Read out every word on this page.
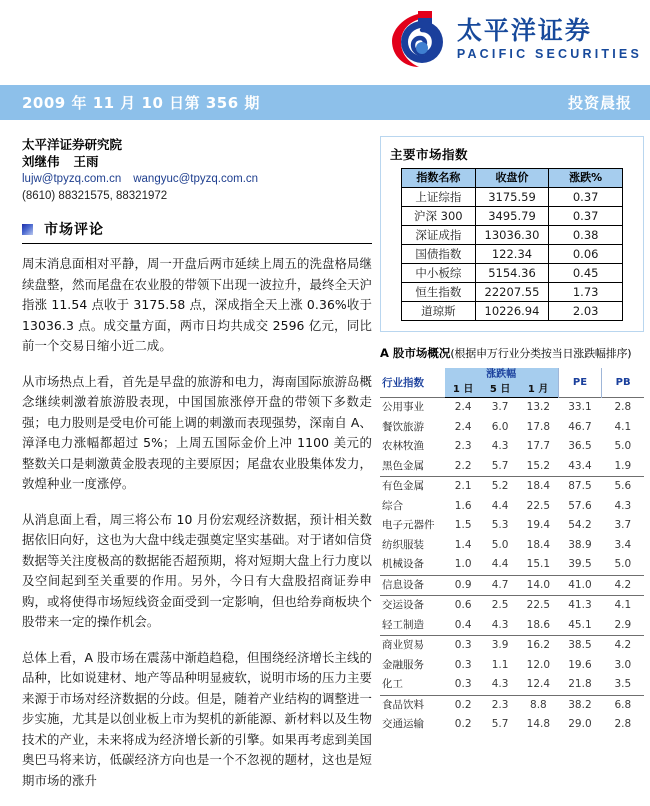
太平洋证券
PACIFIC SECURITIES
2009 年 11 月 10 日第 356 期	投资晨报
太平洋证券研究院
刘继伟 王雨
lujw@tpyzq.com.cn wangyuc@tpyzq.com.cn
(8610) 88321575, 88321972
市场评论

周末消息面相对平静，周一开盘后两市延续上周五的洗盘格局继续盘整，然而尾盘在农业股的带领下出现一波拉升，最终全天沪指涨 11.54 点收于 3175.58 点，深成指全天上涨 0.36%收于 13036.3 点。成交量方面，两市日均共成交 2596 亿元，同比前一个交易日缩小近二成。

从市场热点上看，首先是早盘的旅游和电力，海南国际旅游岛概念继续刺激着旅游股表现，中国国旅涨停开盘的带领下多数走强；电力股则是受电价可能上调的刺激而表现强势，深南自 A、漳泽电力涨幅都超过 5%；上周五国际金价上冲 1100 美元的整数关口是刺激黄金股表现的主要原因；尾盘农业股集体发力，敦煌种业一度涨停。

从消息面上看，周三将公布 10 月份宏观经济数据，预计相关数据依旧向好，这也为大盘中线走强奠定坚实基础。对于诸如信贷数据等关注度极高的数据能否超预期，将对短期大盘上行力度以及空间起到至关重要的作用。另外，今日有大盘股招商证券申购，或将使得市场短线资金面受到一定影响，但也给券商板块个股带来一定的操作机会。

总体上看，A 股市场在震荡中渐趋趋稳，但围绕经济增长主线的品种，比如说建材、地产等品种明显疲软，说明市场的压力主要来源于市场对经济数据的分歧。但是，随着产业结构的调整进一步实施，尤其是以创业板上市为契机的新能源、新材料以及生物技术的产业，未来将成为经济增长新的引擎。如果再考虑到美国奥巴马将来访，低碳经济方向也是一个不忽视的题材，这也是短期市场的涨升

主要市场指数
指数名称	收盘价	涨跌%
上证综指	3175.59	0.37
沪深 300	3495.79	0.37
深证成指	13036.30	0.38
国债指数	122.34	0.06
中小板综	5154.36	0.45
恒生指数	22207.55	1.73
道琼斯	10226.94	2.03
A 股市场概况(根据申万行业分类按当日涨跌幅排序)
行业指数	涨跌幅			PE	PB
	1 日	5 日	1 月		
公用事业	2.4	3.7	13.2	33.1	2.8
餐饮旅游	2.4	6.0	17.8	46.7	4.1
农林牧渔	2.3	4.3	17.7	36.5	5.0
黑色金属	2.2	5.7	15.2	43.4	1.9
有色金属	2.1	5.2	18.4	87.5	5.6
综合	1.6	4.4	22.5	57.6	4.3
电子元器件	1.5	5.3	19.4	54.2	3.7
纺织服装	1.4	5.0	18.4	38.9	3.4
机械设备	1.0	4.4	15.1	39.5	5.0
信息设备	0.9	4.7	14.0	41.0	4.2
交运设备	0.6	2.5	22.5	41.3	4.1
轻工制造	0.4	4.3	18.6	45.1	2.9
商业贸易	0.3	3.9	16.2	38.5	4.2
金融服务	0.3	1.1	12.0	19.6	3.0
化工	0.3	4.3	12.4	21.8	3.5
食品饮料	0.2	2.3	8.8	38.2	6.8
交通运输	0.2	5.7	14.8	29.0	2.8
